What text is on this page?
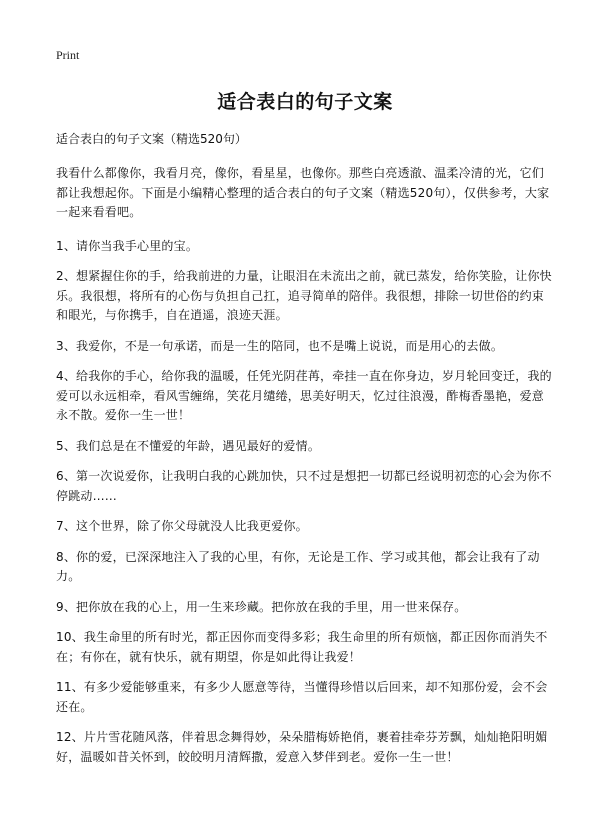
Print
适合表白的句子文案
适合表白的句子文案（精选520句）
我看什么都像你，我看月亮，像你，看星星，也像你。那些白亮透澈、温柔冷清的光，它们都让我想起你。下面是小编精心整理的适合表白的句子文案（精选520句），仅供参考，大家一起来看看吧。
1、请你当我手心里的宝。
2、想紧握住你的手，给我前进的力量，让眼泪在未流出之前，就已蒸发，给你笑脸，让你快乐。我很想，将所有的心伤与负担自己扛，追寻简单的陪伴。我很想，排除一切世俗的约束和眼光，与你携手，自在逍遥，浪迹天涯。
3、我爱你，不是一句承诺，而是一生的陪同，也不是嘴上说说，而是用心的去做。
4、给我你的手心，给你我的温暖，任凭光阴荏苒，牵挂一直在你身边，岁月轮回变迁，我的爱可以永远相牵，看风雪缠绵，笑花月缱绻，思美好明天，忆过往浪漫，酢梅香墨艳，爱意永不散。爱你一生一世！
5、我们总是在不懂爱的年龄，遇见最好的爱情。
6、第一次说爱你，让我明白我的心跳加快，只不过是想把一切都已经说明初恋的心会为你不停跳动……
7、这个世界，除了你父母就没人比我更爱你。
8、你的爱，已深深地注入了我的心里，有你，无论是工作、学习或其他，都会让我有了动力。
9、把你放在我的心上，用一生来珍藏。把你放在我的手里，用一世来保存。
10、我生命里的所有时光，都正因你而变得多彩；我生命里的所有烦恼，都正因你而消失不在；有你在，就有快乐，就有期望，你是如此得让我爱！
11、有多少爱能够重来，有多少人愿意等待，当懂得珍惜以后回来，却不知那份爱，会不会还在。
12、片片雪花随风落，伴着思念舞得妙，朵朵腊梅娇艳俏，裹着挂牵芬芳飘，灿灿艳阳明媚好，温暖如昔关怀到，皎皎明月清辉撒，爱意入梦伴到老。爱你一生一世！
